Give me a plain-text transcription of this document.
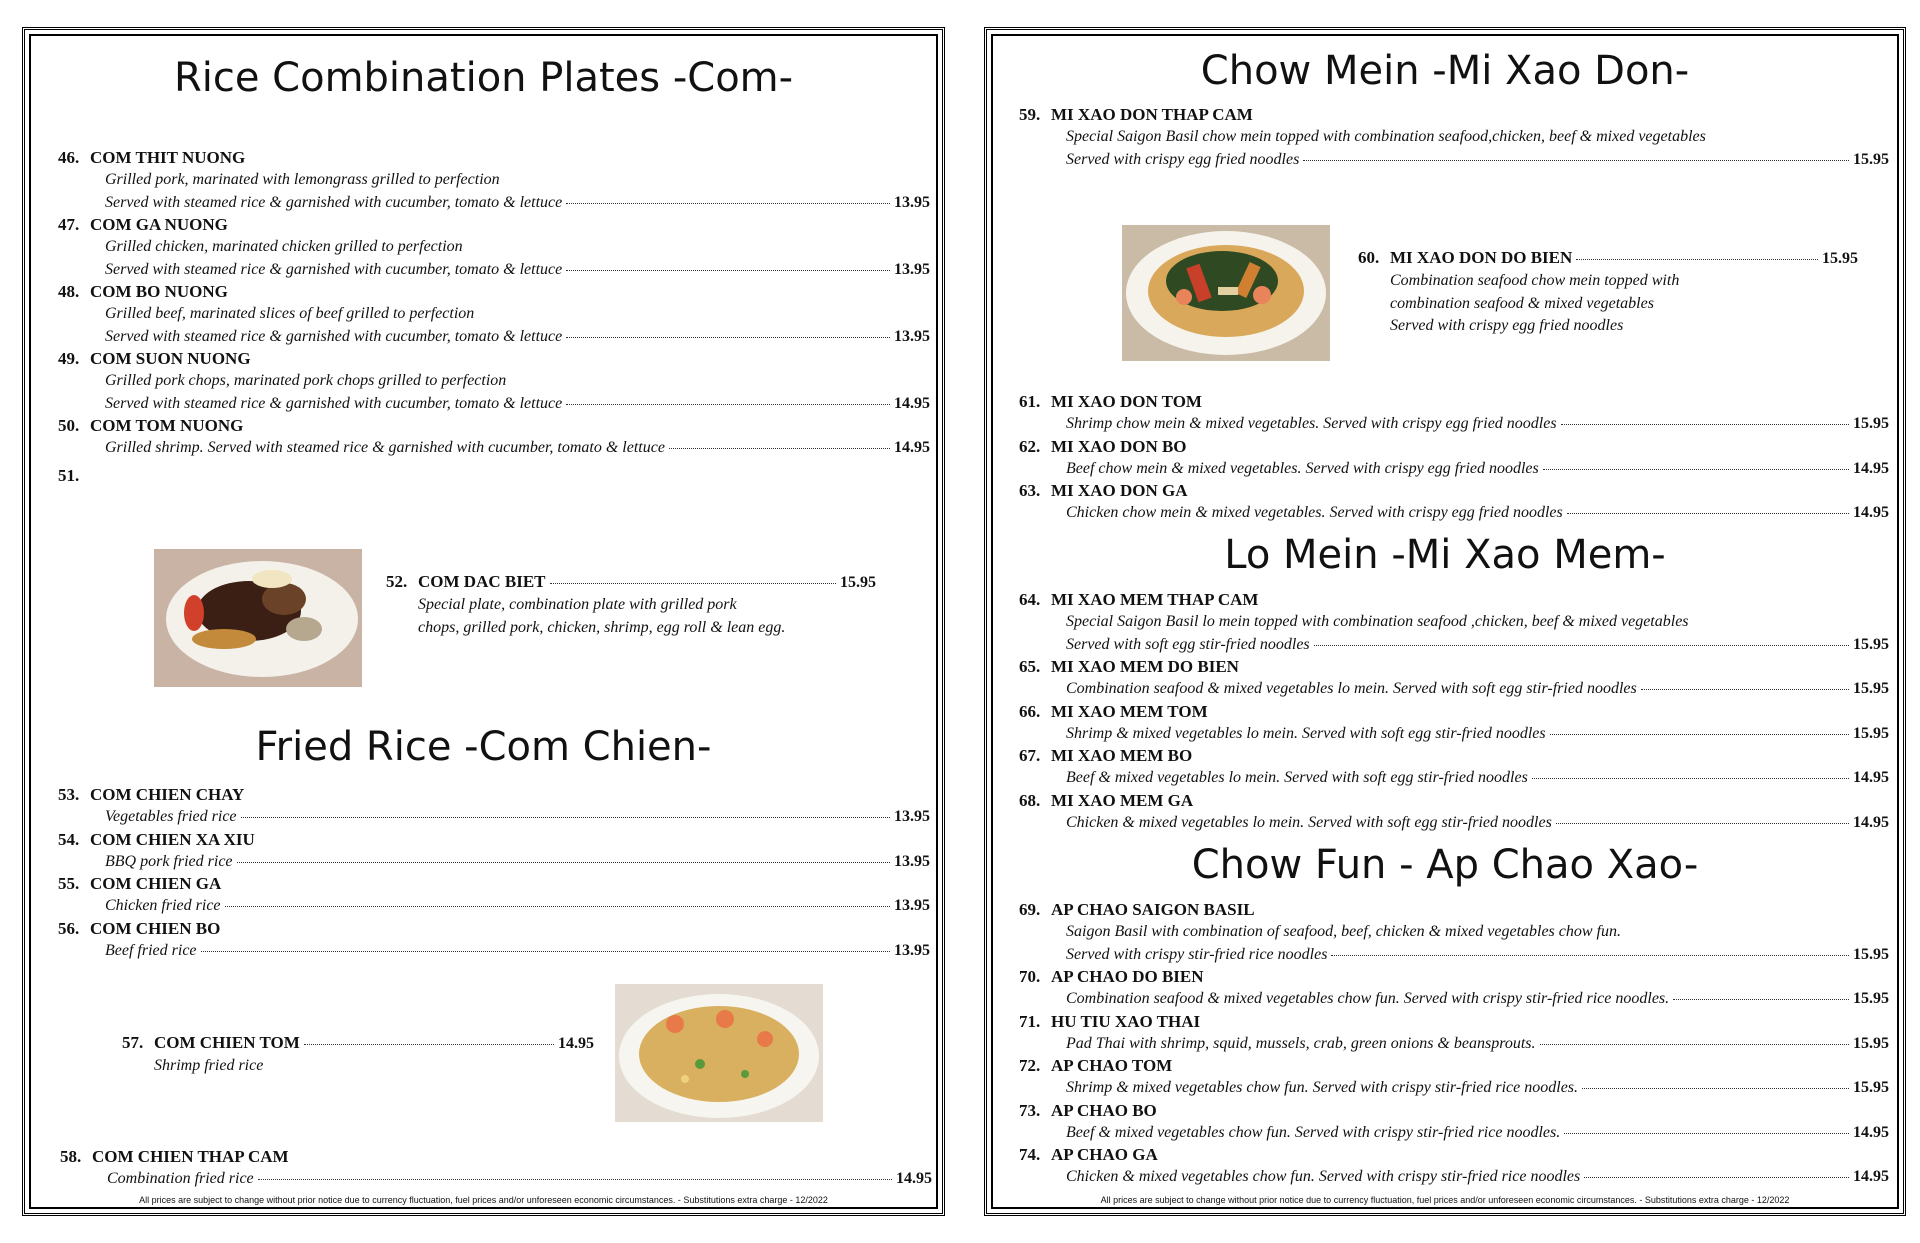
Rice Combination Plates -Com-
46. COM THIT NUONG
Grilled pork, marinated with lemongrass grilled to perfection
Served with steamed rice & garnished with cucumber, tomato & lettuce	13.95
47. COM GA NUONG
Grilled chicken, marinated chicken grilled to perfection
Served with steamed rice & garnished with cucumber, tomato & lettuce	13.95
48. COM BO NUONG
Grilled beef, marinated slices of beef grilled to perfection
Served with steamed rice & garnished with cucumber, tomato & lettuce	13.95
49. COM SUON NUONG
Grilled pork chops, marinated pork chops grilled to perfection
Served with steamed rice & garnished with cucumber, tomato & lettuce	14.95
50. COM TOM NUONG
Grilled shrimp. Served with steamed rice & garnished with cucumber, tomato & lettuce	14.95
51.
52. COM DAC BIET	15.95
Special plate, combination plate with grilled pork
chops, grilled pork, chicken, shrimp, egg roll & lean egg.
Fried Rice -Com Chien-
53. COM CHIEN CHAY
Vegetables fried rice	13.95
54. COM CHIEN XA XIU
BBQ pork fried rice	13.95
55. COM CHIEN GA
Chicken fried rice	13.95
56. COM CHIEN BO
Beef fried rice	13.95
57. COM CHIEN TOM	14.95
Shrimp fried rice
58. COM CHIEN THAP CAM
Combination fried rice	14.95
All prices are subject to change without prior notice due to currency fluctuation, fuel prices and/or unforeseen economic circumstances. - Substitutions extra charge - 12/2022
Chow Mein -Mi Xao Don-
59. MI XAO DON THAP CAM
Special Saigon Basil chow mein topped with combination seafood,chicken, beef & mixed vegetables
Served with crispy egg fried noodles	15.95
60. MI XAO DON DO BIEN	15.95
Combination seafood chow mein topped with
combination seafood & mixed vegetables
Served with crispy egg fried noodles
61. MI XAO DON TOM
Shrimp chow mein & mixed vegetables. Served with crispy egg fried noodles	15.95
62. MI XAO DON BO
Beef chow mein & mixed vegetables. Served with crispy egg fried noodles	14.95
63. MI XAO DON GA
Chicken chow mein & mixed vegetables. Served with crispy egg fried noodles	14.95
Lo Mein -Mi Xao Mem-
64. MI XAO MEM THAP CAM
Special Saigon Basil lo mein topped with combination seafood ,chicken, beef & mixed vegetables
Served with soft egg stir-fried noodles	15.95
65. MI XAO MEM DO BIEN
Combination seafood & mixed vegetables lo mein. Served with soft egg stir-fried noodles	15.95
66. MI XAO MEM TOM
Shrimp & mixed vegetables lo mein. Served with soft egg stir-fried noodles	15.95
67. MI XAO MEM BO
Beef & mixed vegetables lo mein. Served with soft egg stir-fried noodles	14.95
68. MI XAO MEM GA
Chicken & mixed vegetables lo mein. Served with soft egg stir-fried noodles	14.95
Chow Fun - Ap Chao Xao-
69. AP CHAO SAIGON BASIL
Saigon Basil with combination of seafood, beef, chicken & mixed vegetables chow fun.
Served with crispy stir-fried rice noodles	15.95
70. AP CHAO DO BIEN
Combination seafood & mixed vegetables chow fun. Served with crispy stir-fried rice noodles.	15.95
71. HU TIU XAO THAI
Pad Thai with shrimp, squid, mussels, crab, green onions & beansprouts.	15.95
72. AP CHAO TOM
Shrimp & mixed vegetables chow fun. Served with crispy stir-fried rice noodles.	15.95
73. AP CHAO BO
Beef & mixed vegetables chow fun. Served with crispy stir-fried rice noodles.	14.95
74. AP CHAO GA
Chicken & mixed vegetables chow fun. Served with crispy stir-fried rice noodles	14.95
All prices are subject to change without prior notice due to currency fluctuation, fuel prices and/or unforeseen economic circumstances. - Substitutions extra charge - 12/2022
